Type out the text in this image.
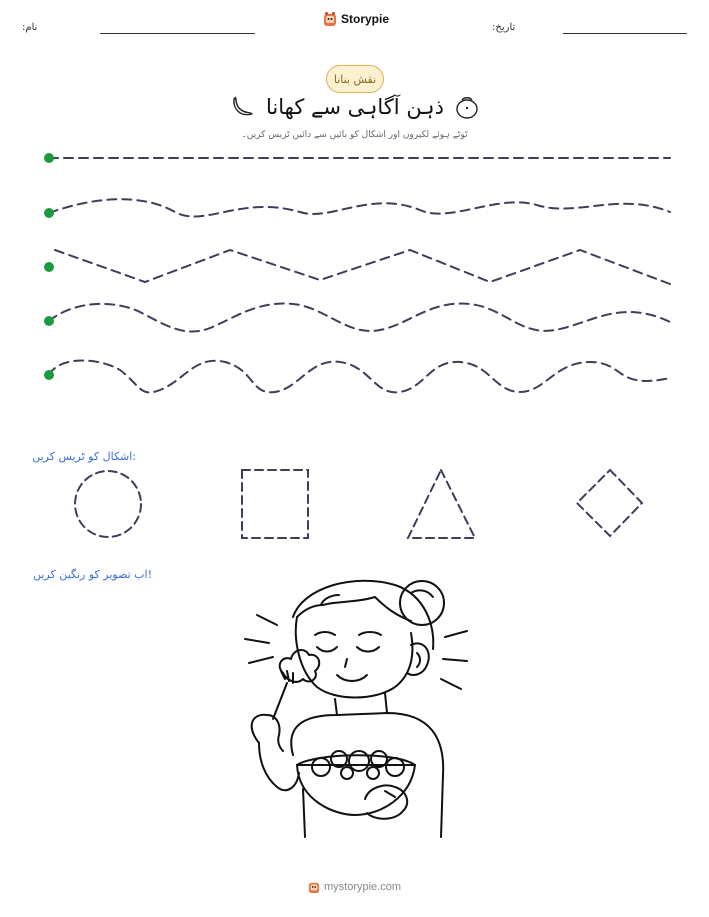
:نام
Storypie
:تاریخ
نقش بنانا
ذہن آگاہی سے کھانا
ٹوٹے ہوئے لکیروں اور اشکال کو بائیں سے دائیں ٹریس کریں۔
:اشکال کو ٹریس کریں
!اب تصویر کو رنگین کریں
mystorypie.com
